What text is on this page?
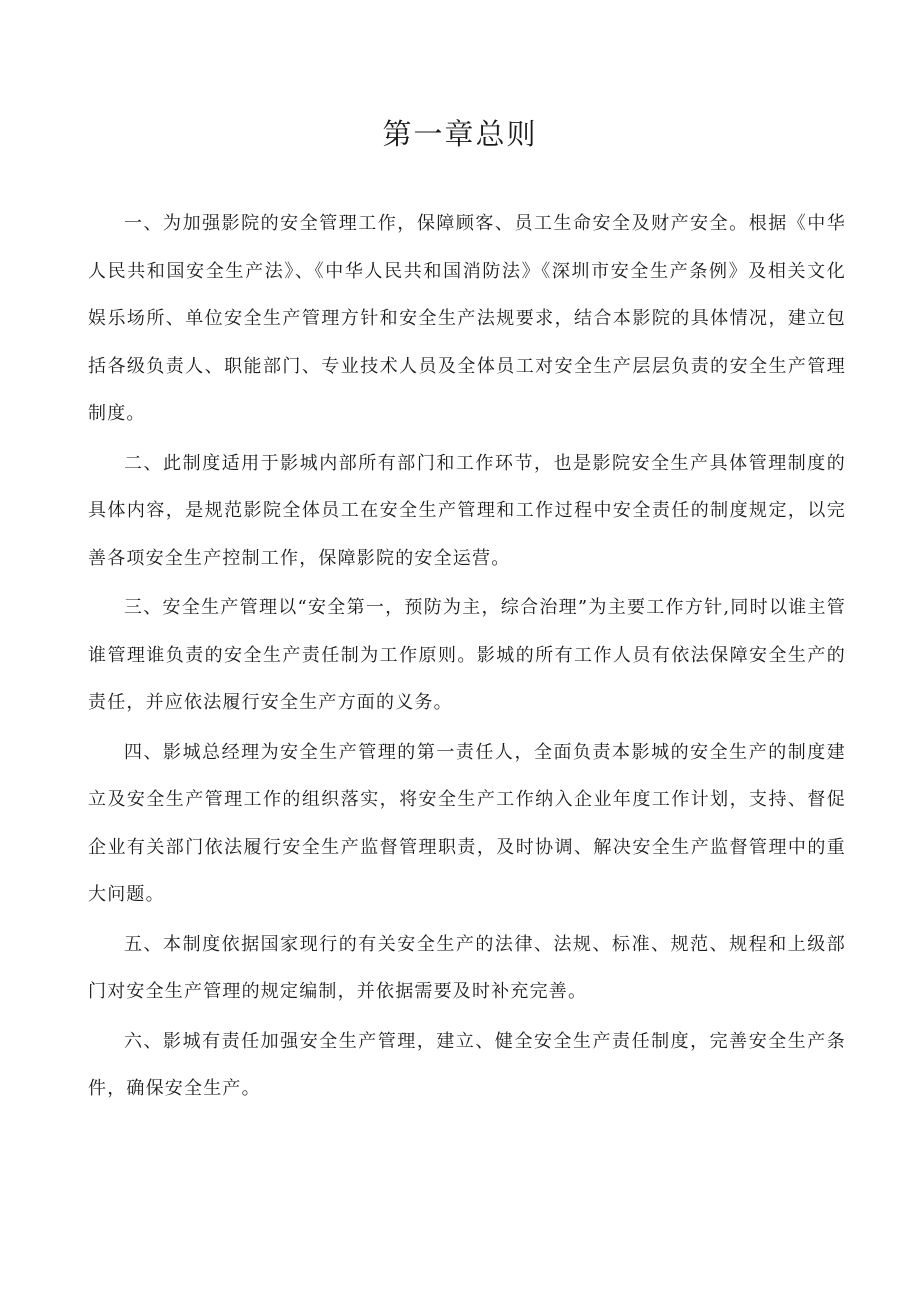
第一章总则

一、为加强影院的安全管理工作，保障顾客、员工生命安全及财产安全。根据《中华人民共和国安全生产法》、《中华人民共和国消防法》《深圳市安全生产条例》及相关文化娱乐场所、单位安全生产管理方针和安全生产法规要求，结合本影院的具体情况，建立包括各级负责人、职能部门、专业技术人员及全体员工对安全生产层层负责的安全生产管理制度。

二、此制度适用于影城内部所有部门和工作环节，也是影院安全生产具体管理制度的具体内容，是规范影院全体员工在安全生产管理和工作过程中安全责任的制度规定，以完善各项安全生产控制工作，保障影院的安全运营。

三、安全生产管理以“安全第一，预防为主，综合治理”为主要工作方针,同时以谁主管谁管理谁负责的安全生产责任制为工作原则。影城的所有工作人员有依法保障安全生产的责任，并应依法履行安全生产方面的义务。

四、影城总经理为安全生产管理的第一责任人，全面负责本影城的安全生产的制度建立及安全生产管理工作的组织落实，将安全生产工作纳入企业年度工作计划，支持、督促企业有关部门依法履行安全生产监督管理职责，及时协调、解决安全生产监督管理中的重大问题。

五、本制度依据国家现行的有关安全生产的法律、法规、标准、规范、规程和上级部门对安全生产管理的规定编制，并依据需要及时补充完善。

六、影城有责任加强安全生产管理，建立、健全安全生产责任制度，完善安全生产条件，确保安全生产。
